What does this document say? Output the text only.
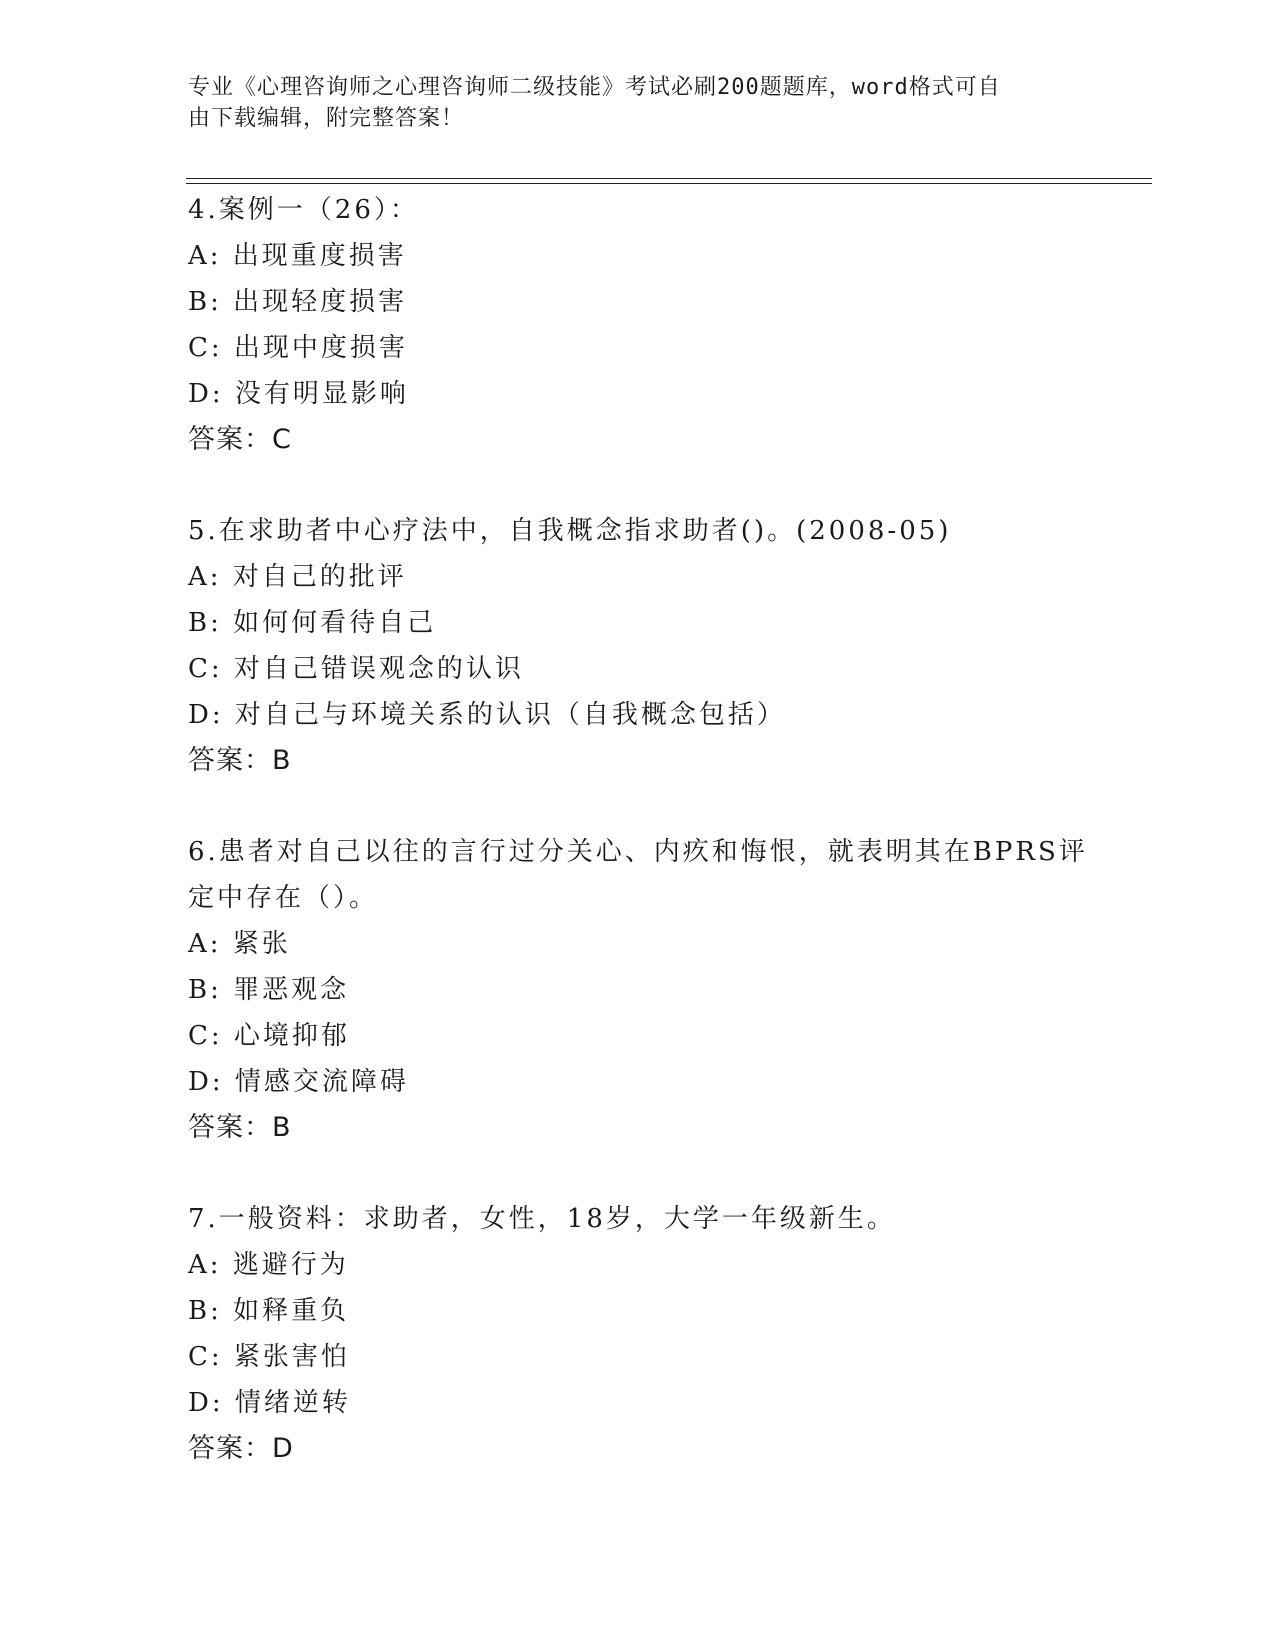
专业《心理咨询师之心理咨询师二级技能》考试必刷200题题库，word格式可自
由下载编辑，附完整答案！
4.案例一（26）：
A: 出现重度损害
B: 出现轻度损害
C: 出现中度损害
D: 没有明显影响
答案：C
5.在求助者中心疗法中，自我概念指求助者()。(2008-05)
A: 对自己的批评
B: 如何何看待自己
C: 对自己错误观念的认识
D: 对自己与环境关系的认识（自我概念包括）
答案：B
6.患者对自己以往的言行过分关心、内疚和悔恨，就表明其在BPRS评
定中存在（）。
A: 紧张
B: 罪恶观念
C: 心境抑郁
D: 情感交流障碍
答案：B
7.一般资料：求助者，女性，18岁，大学一年级新生。
A: 逃避行为
B: 如释重负
C: 紧张害怕
D: 情绪逆转
答案：D
